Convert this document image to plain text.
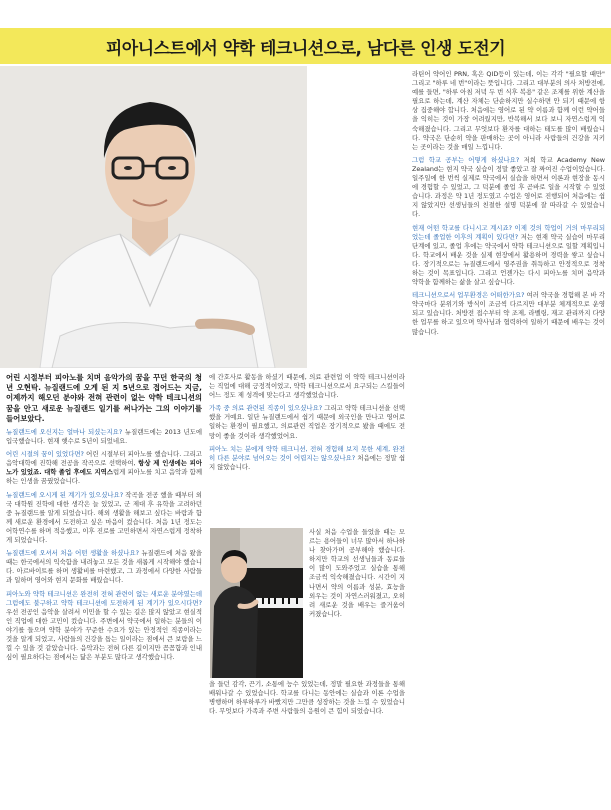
피아니스트에서 약학 테크니션으로, 남다른 인생 도전기

어린 시절부터 피아노를 치며 음악가의 꿈을 꾸던 한국의 청년 오현탁. 뉴질랜드에 오게 된 지 5년으로 접어드는 지금, 이제까지 해오던 분야와 전혀 관련이 없는 약학 테크니션의 꿈을 안고 새로운 뉴질랜드 일기를 써나가는 그의 이야기를 들어보았다.

뉴질랜드에 오신지는 얼마나 되셨는지요? 뉴질랜드에는 2013 년도에 입국했습니다. 현재 햇수로 5년이 되었네요.

어린 시절의 꿈이 있었다면? 어린 시절부터 피아노를 했습니다. 그리고 음악대학에 진학해 전공을 작곡으로 선택하여, 항상 제 인생에는 피아노가 있었죠. 대학 졸업 후에도 지역스럽게 피아노를 치고 음악과 함께하는 인생을 꿈꿨었습니다.

뉴질랜드에 오시게 된 계기가 있으셨나요? 작곡을 전공 했을 때부터 외국 대학원 진학에 대한 생각은 늘 있었고, 군 제대 후 유학을 고려하던 중 뉴질랜드를 알게 되었습니다. 해외 생활을 해보고 싶다는 바람과 함께 새로운 환경에서 도전하고 싶은 마음이 컸습니다. 처음 1년 정도는 어학연수를 하며 적응했고, 이후 진로를 고민하면서 자연스럽게 정착하게 되었습니다.

뉴질랜드에 오셔서 처음 어떤 생활을 하셨나요? 뉴질랜드에 처음 왔을 때는 한국에서의 익숙함을 내려놓고 모든 것을 새롭게 시작해야 했습니다. 아르바이트를 하며 생활비를 마련했고, 그 과정에서 다양한 사람들과 일하며 영어와 현지 문화를 배웠습니다.

피아노와 약학 테크니션은 완전히 전혀 관련이 없는 새로운 분야였는데 그럼에도 불구하고 약학 테크니션에 도전하게 된 계기가 있으시다면? 우선 전공인 음악을 살려서 이민을 할 수 있는 길은 많지 않았고 현실적인 직업에 대한 고민이 컸습니다. 주변에서 약국에서 일하는 분들의 이야기를 들으며 약학 분야가 꾸준한 수요가 있는 안정적인 직종이라는 것을 알게 되었고, 사람들의 건강을 돕는 일이라는 점에서 큰 보람을 느낄 수 있을 것 같았습니다. 음악과는 전혀 다른 길이지만 꼼꼼함과 인내심이 필요하다는 점에서는 닮은 부분도 많다고 생각했습니다.

에 간호사로 활동을 하셨기 때문에, 의료 관련업 이 약학 테크니션이라는 직업에 대해 긍정적이었고, 약학 테크니션으로서 요구되는 스킬들이 어느 정도 제 성격에 맞는다고 생각했었습니다.

가족 중 의료 관련된 직종이 있으셨나요? 그리고 약학 테크니션을 선택했을 거예요. 일단 뉴질랜드에서 쉽기 때문에 외국인을 만나고 영어로 일하는 환경이 필요했고, 의료관련 직업은 장기적으로 봤을 때에도 전망이 좋을 것이라 생각했었어요.

피아노 치는 분에게 약학 테크니션, 전혀 경험해 보지 못한 세계, 완전히 다른 분야로 넘어오는 것이 어렵지는 않으셨나요? 처음에는 정말 쉽지 않았습니다.

사실 처음 수업을 들었을 때는 모르는 용어들이 너무 많아서 하나하나 찾아가며 공부해야 했습니다. 하지만 학교의 선생님들과 동료들이 많이 도와주었고 실습을 통해 조금씩 익숙해졌습니다. 시간이 지나면서 약의 이름과 성분, 효능을 외우는 것이 자연스러워졌고, 오히려 새로운 것을 배우는 즐거움이 커졌습니다.
을 들던 감각, 끈기, 소통에 능수 있었는데, 정말 필요한 과정들을 통해 배워나갈 수 있었습니다. 학교를 다니는 동안에는 실습과 이론 수업을 병행하며 하루하루가 바빴지만 그만큼 성장하는 것을 느낄 수 있었습니다. 무엇보다 가족과 주변 사람들의 응원이 큰 힘이 되었습니다.

라틴어 약어인 PRN, 혹은 QID등이 있는데, 이는 각각 "필요할 때만" 그리고 "하루 네 번"이라는 뜻입니다. 그리고 대부분의 의사 처방전에, 예를 들면, "하루 아침 저녁 두 번 식후 복용" 같은 조제를 위한 계산을 필요로 하는데, 계산 자체는 단순하지만 실수하면 안 되기 때문에 항상 집중해야 합니다. 처음에는 영어로 된 약 이름과 함께 이런 약어들을 익히는 것이 가장 어려웠지만, 반복해서 보다 보니 자연스럽게 익숙해졌습니다. 그리고 무엇보다 환자를 대하는 태도를 많이 배웠습니다. 약국은 단순히 약을 판매하는 곳이 아니라 사람들의 건강을 지키는 곳이라는 것을 매일 느낍니다.

그럼 학교 공부는 어떻게 하셨나요? 저희 학교 Academy New Zealand는 현지 약국 실습이 정말 좋았고 잘 짜여진 수업이었습니다. 일주일에 한 번씩 실제로 약국에서 실습을 하면서 이론과 현장을 동시에 경험할 수 있었고, 그 덕분에 졸업 후 곧바로 일을 시작할 수 있었습니다. 과정은 약 1년 정도였고 수업은 영어로 진행되어 처음에는 쉽지 않았지만 선생님들의 친절한 설명 덕분에 잘 따라갈 수 있었습니다.

현재 어떤 학교를 다니시고 계시죠? 이제 것의 학업이 거의 마무리되었는데 졸업한 이후의 계획이 있다면? 저는 현재 약국 실습이 마무리 단계에 있고, 졸업 후에는 약국에서 약학 테크니션으로 일할 계획입니다. 학교에서 배운 것을 실제 현장에서 활용하며 경력을 쌓고 싶습니다. 장기적으로는 뉴질랜드에서 영주권을 취득하고 안정적으로 정착하는 것이 목표입니다. 그리고 언젠가는 다시 피아노를 치며 음악과 약학을 함께하는 삶을 살고 싶습니다.

테크니션으로서 업무환경은 어떠한가요? 여러 약국을 경험해 본 바 각 약국마다 분위기와 방식이 조금씩 다르지만 대부분 체계적으로 운영되고 있습니다. 처방전 접수부터 약 조제, 라벨링, 재고 관리까지 다양한 업무를 하고 있으며 약사님과 협력하여 일하기 때문에 배우는 것이 많습니다.
